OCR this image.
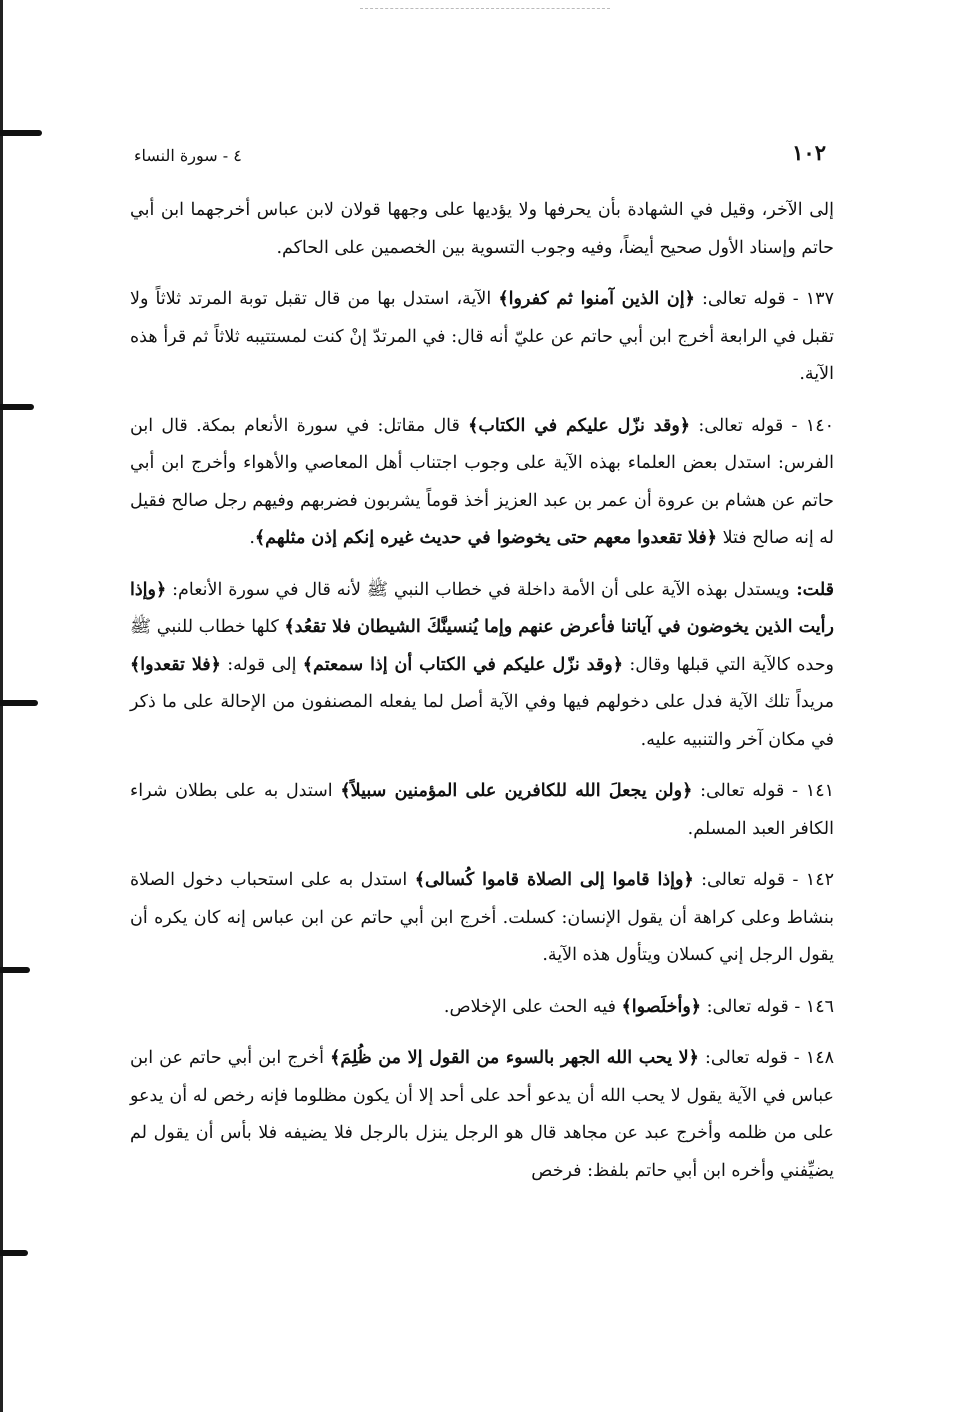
١٠٢
٤ - سورة النساء

إلى الآخر، وقيل في الشهادة بأن يحرفها ولا يؤديها على وجهها قولان لابن عباس أخرجهما ابن أبي حاتم وإسناد الأول صحيح أيضاً، وفيه وجوب التسوية بين الخصمين على الحاكم.

١٣٧ - قوله تعالى: ﴿إن الذين آمنوا ثم كفروا﴾ الآية، استدل بها من قال تقبل توبة المرتد ثلاثاً ولا تقبل في الرابعة أخرج ابن أبي حاتم عن عليّ أنه قال: في المرتدّ إنْ كنت لمستتيبه ثلاثاً ثم قرأ هذه الآية.

١٤٠ - قوله تعالى: ﴿وقد نزّل عليكم في الكتاب﴾ قال مقاتل: في سورة الأنعام بمكة. قال ابن الفرس: استدل بعض العلماء بهذه الآية على وجوب اجتناب أهل المعاصي والأهواء وأخرج ابن أبي حاتم عن هشام بن عروة أن عمر بن عبد العزيز أخذ قوماً يشربون فضربهم وفيهم رجل صالح فقيل له إنه صالح فتلا ﴿فلا تقعدوا معهم حتى يخوضوا في حديث غيره إنكم إذن مثلهم﴾.

قلت: ويستدل بهذه الآية على أن الأمة داخلة في خطاب النبي ﷺ لأنه قال في سورة الأنعام: ﴿وإذا رأيت الذين يخوضون في آياتنا فأعرض عنهم وإما يُنسينَّكَ الشيطان فلا تقعُد﴾ كلها خطاب للنبي ﷺ وحده كالآية التي قبلها وقال: ﴿وقد نزّل عليكم في الكتاب أن إذا سمعتم﴾ إلى قوله: ﴿فلا تقعدوا﴾ مريداً تلك الآية فدل على دخولهم فيها وفي الآية أصل لما يفعله المصنفون من الإحالة على ما ذكر في مكان آخر والتنبيه عليه.

١٤١ - قوله تعالى: ﴿ولن يجعلَ الله للكافرين على المؤمنين سبيلاً﴾ استدل به على بطلان شراء الكافر العبد المسلم.

١٤٢ - قوله تعالى: ﴿وإذا قاموا إلى الصلاة قاموا كُسالى﴾ استدل به على استحباب دخول الصلاة بنشاط وعلى كراهة أن يقول الإنسان: كسلت. أخرج ابن أبي حاتم عن ابن عباس إنه كان يكره أن يقول الرجل إني كسلان ويتأول هذه الآية.

١٤٦ - قوله تعالى: ﴿وأخلَصوا﴾ فيه الحث على الإخلاص.

١٤٨ - قوله تعالى: ﴿لا يحب الله الجهر بالسوء من القول إلا من ظُلِمَ﴾ أخرج ابن أبي حاتم عن ابن عباس في الآية يقول لا يحب الله أن يدعو أحد على أحد إلا أن يكون مظلوما فإنه رخص له أن يدعو على من ظلمه وأخرج عبد عن مجاهد قال هو الرجل ينزل بالرجل فلا يضيفه فلا بأس أن يقول لم يضيِّفني وأخره ابن أبي حاتم بلفظ: فرخص
